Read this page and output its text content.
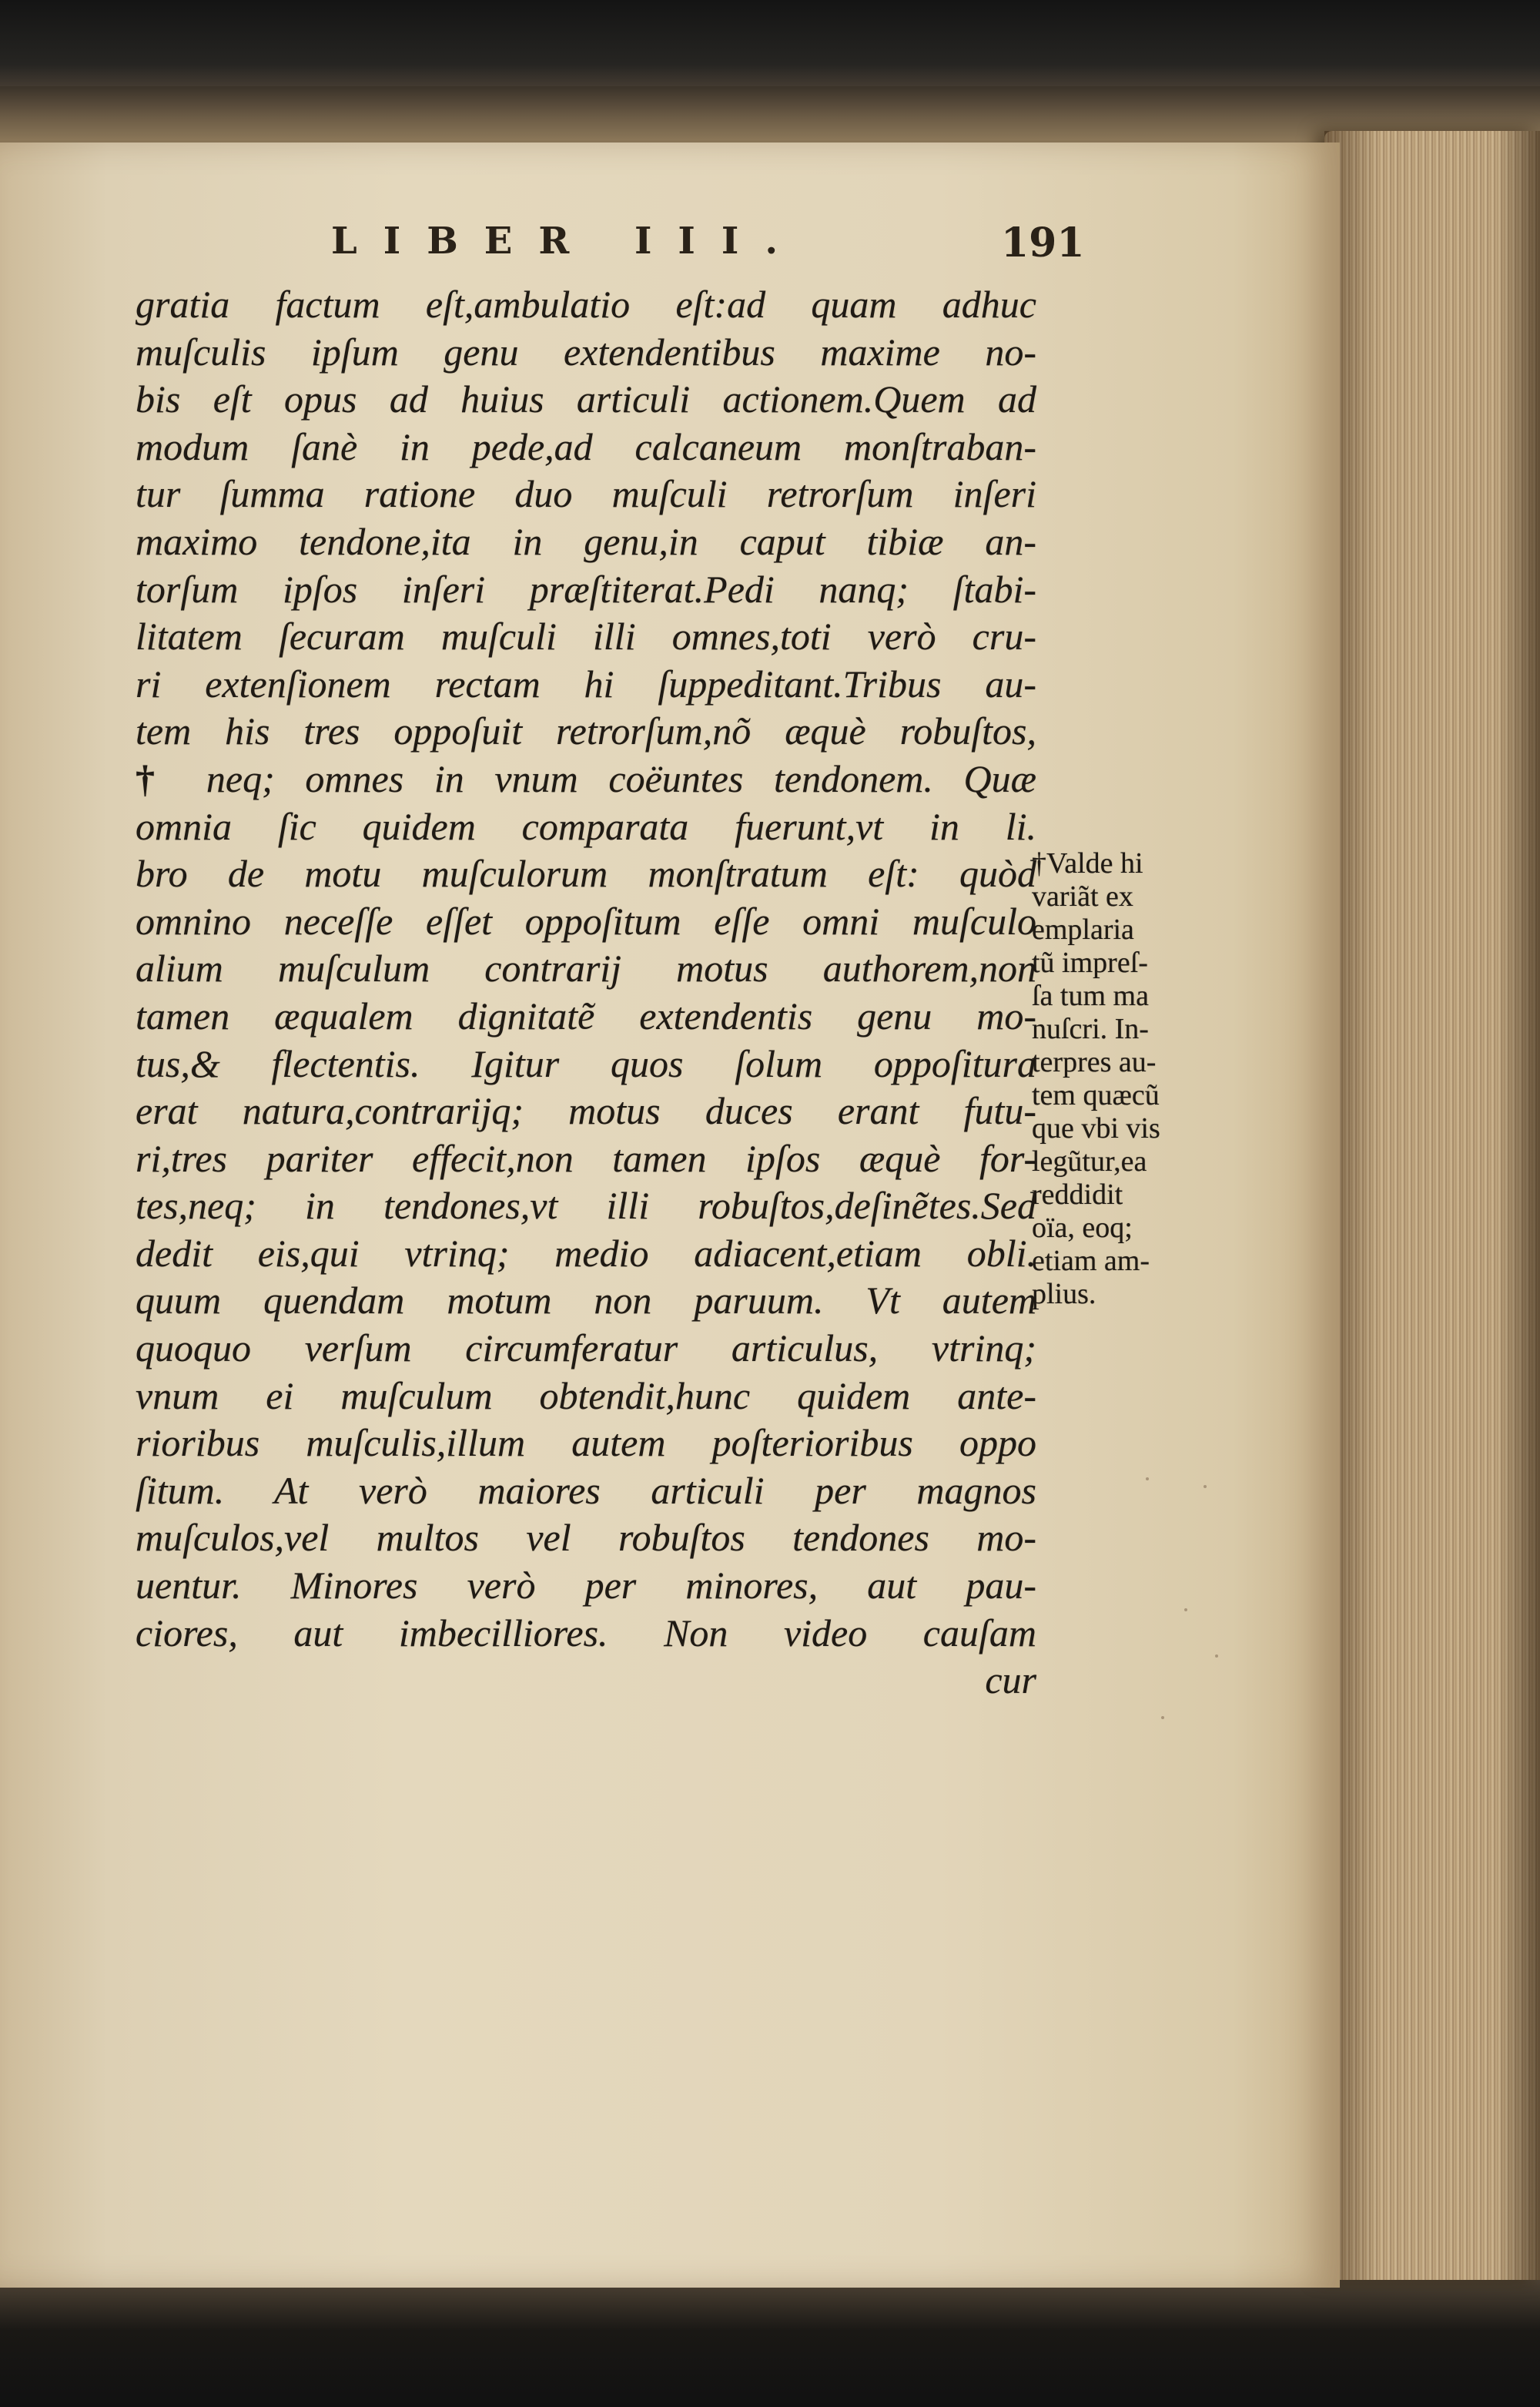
LIBER III.	191
gratia factum eſt,ambulatio eſt:ad quam adhuc
muſculis ipſum genu extendentibus maxime no-
bis eſt opus ad huius articuli actionem.Quem ad
modum ſanè in pede,ad calcaneum monſtraban-
tur ſumma ratione duo muſculi retrorſum inſeri
maximo tendone,ita in genu,in caput tibiæ an-
torſum ipſos inſeri præſtiterat.Pedi nanq; ſtabi-
litatem ſecuram muſculi illi omnes,toti verò cru-
ri extenſionem rectam hi ſuppeditant.Tribus au-
tem his tres oppoſuit retrorſum,nõ æquè robuſtos,
† neq; omnes in vnum coëuntes tendonem. Quæ
omnia ſic quidem comparata fuerunt,vt in li.
bro de motu muſculorum monſtratum eſt: quòd
omnino neceſſe eſſet oppoſitum eſſe omni muſculo
alium muſculum contrarij motus authorem,non
tamen æqualem dignitatẽ extendentis genu mo-
tus,& flectentis. Igitur quos ſolum oppoſitura
erat natura,contrarijq; motus duces erant futu-
ri,tres pariter effecit,non tamen ipſos æquè for-
tes,neq; in tendones,vt illi robuſtos,deſinẽtes.Sed
dedit eis,qui vtrinq; medio adiacent,etiam obli.
quum quendam motum non paruum. Vt autem
quoquo verſum circumferatur articulus, vtrinq;
vnum ei muſculum obtendit,hunc quidem ante-
rioribus muſculis,illum autem poſterioribus oppo
ſitum. At verò maiores articuli per magnos
muſculos,vel multos vel robuſtos tendones mo-
uentur. Minores verò per minores, aut pau-
ciores, aut imbecilliores. Non video cauſam
cur
†Valde hi
variãt ex
emplaria
tũ impreſ-
ſa tum ma
nuſcri. In-
terpres au-
tem quæcũ
que vbi vis
legũtur,ea
reddidit
oïa, eoq;
etiam am-
plius.
